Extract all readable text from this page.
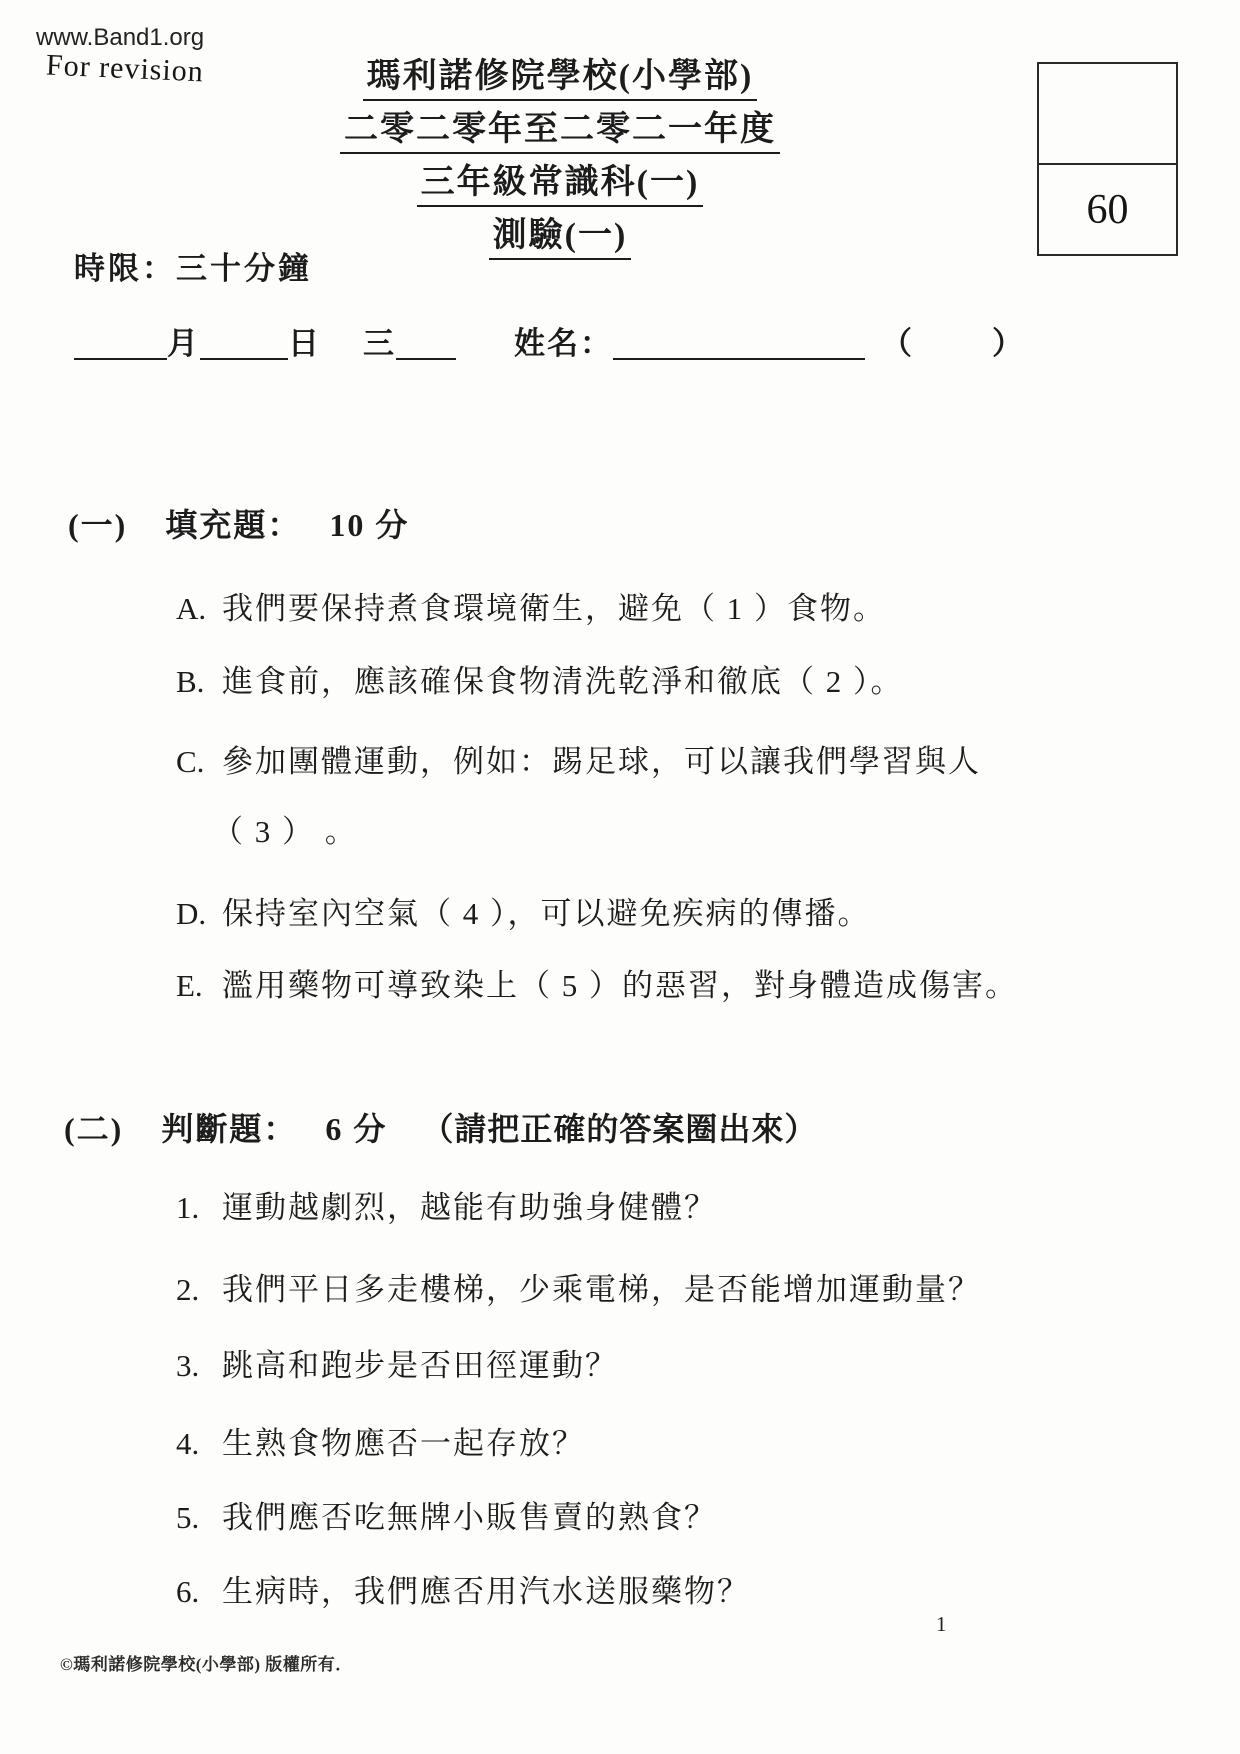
www.Band1.org
For revision	瑪利諾修院學校(小學部)
二零二零年至二零二一年度
三年級常識科(一)
測驗(一)
60
時限：三十分鐘
月	日 三	姓名：	（	）
(一) 填充題： 10 分
A. 我們要保持煮食環境衛生，避免（ 1 ）食物。
B. 進食前，應該確保食物清洗乾淨和徹底（ 2 ）。
C. 參加團體運動，例如：踢足球，可以讓我們學習與人
（ 3 ） 。
D. 保持室內空氣（ 4 ），可以避免疾病的傳播。
E. 濫用藥物可導致染上（ 5 ）的惡習，對身體造成傷害。
(二) 判斷題： 6 分 （請把正確的答案圈出來）
1. 運動越劇烈，越能有助強身健體？
2. 我們平日多走樓梯，少乘電梯，是否能增加運動量？
3. 跳高和跑步是否田徑運動？
4. 生熟食物應否一起存放？
5. 我們應否吃無牌小販售賣的熟食？
6. 生病時，我們應否用汽水送服藥物？
1
©瑪利諾修院學校(小學部) 版權所有．
